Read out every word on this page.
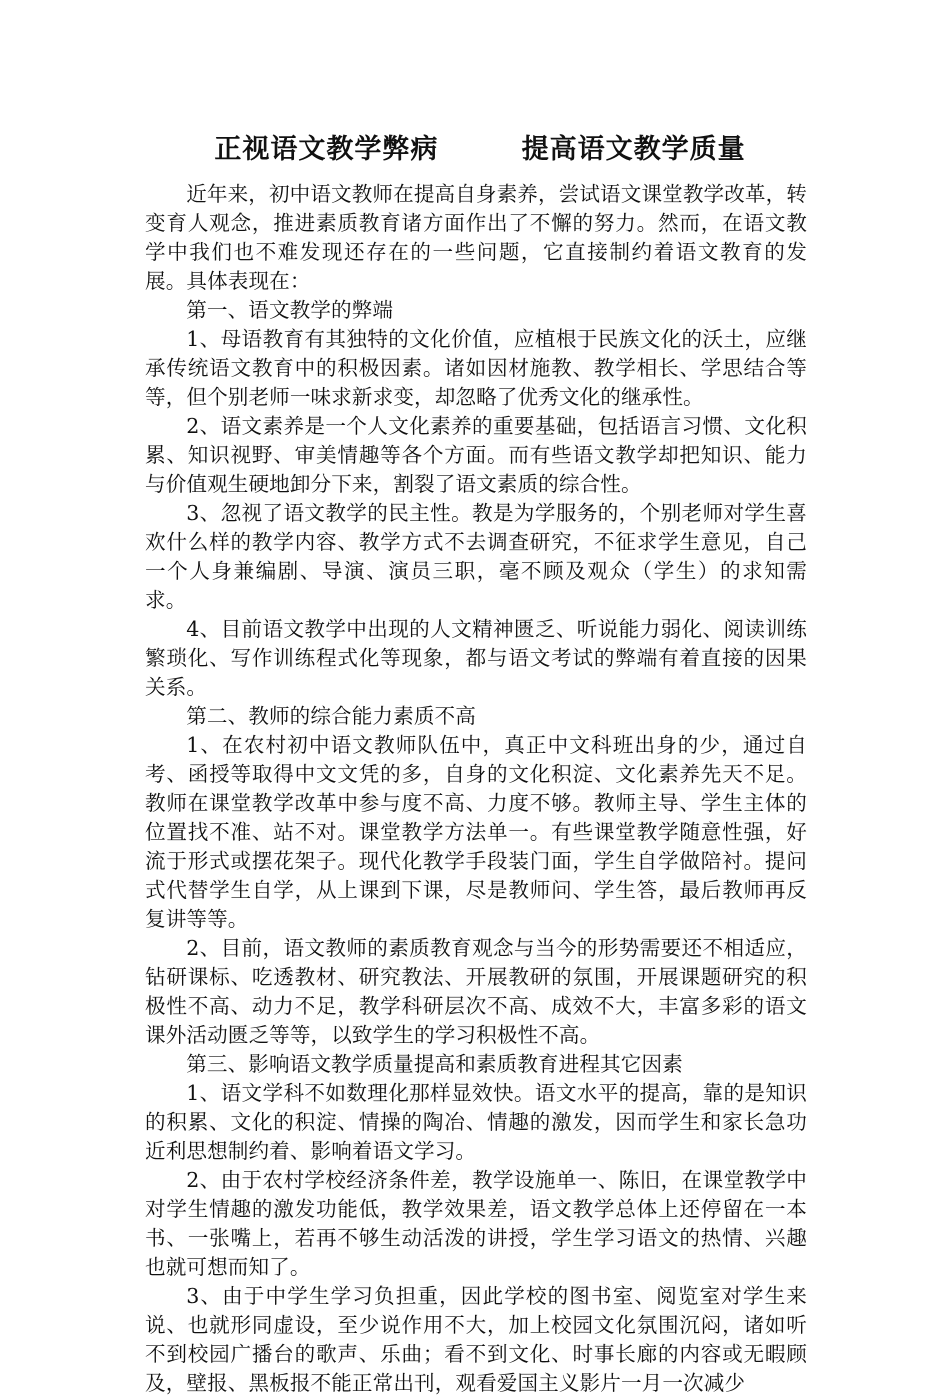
正视语文教学弊病        提高语文教学质量

近年来，初中语文教师在提高自身素养，尝试语文课堂教学改革，转变育人观念，推进素质教育诸方面作出了不懈的努力。然而，在语文教学中我们也不难发现还存在的一些问题，它直接制约着语文教育的发展。具体表现在：

第一、语文教学的弊端

1、母语教育有其独特的文化价值，应植根于民族文化的沃土，应继承传统语文教育中的积极因素。诸如因材施教、教学相长、学思结合等等，但个别老师一味求新求变，却忽略了优秀文化的继承性。

2、语文素养是一个人文化素养的重要基础，包括语言习惯、文化积累、知识视野、审美情趣等各个方面。而有些语文教学却把知识、能力与价值观生硬地卸分下来，割裂了语文素质的综合性。

3、忽视了语文教学的民主性。教是为学服务的，个别老师对学生喜欢什么样的教学内容、教学方式不去调查研究，不征求学生意见，自己一个人身兼编剧、导演、演员三职，毫不顾及观众（学生）的求知需求。

4、目前语文教学中出现的人文精神匮乏、听说能力弱化、阅读训练繁琐化、写作训练程式化等现象，都与语文考试的弊端有着直接的因果关系。

第二、教师的综合能力素质不高

1、在农村初中语文教师队伍中，真正中文科班出身的少，通过自考、函授等取得中文文凭的多，自身的文化积淀、文化素养先天不足。教师在课堂教学改革中参与度不高、力度不够。教师主导、学生主体的位置找不准、站不对。课堂教学方法单一。有些课堂教学随意性强，好流于形式或摆花架子。现代化教学手段装门面，学生自学做陪衬。提问式代替学生自学，从上课到下课，尽是教师问、学生答，最后教师再反复讲等等。

2、目前，语文教师的素质教育观念与当今的形势需要还不相适应，钻研课标、吃透教材、研究教法、开展教研的氛围，开展课题研究的积极性不高、动力不足，教学科研层次不高、成效不大，丰富多彩的语文课外活动匮乏等等，以致学生的学习积极性不高。

第三、影响语文教学质量提高和素质教育进程其它因素

1、语文学科不如数理化那样显效快。语文水平的提高，靠的是知识的积累、文化的积淀、情操的陶冶、情趣的激发，因而学生和家长急功近利思想制约着、影响着语文学习。

2、由于农村学校经济条件差，教学设施单一、陈旧，在课堂教学中对学生情趣的激发功能低，教学效果差，语文教学总体上还停留在一本书、一张嘴上，若再不够生动活泼的讲授，学生学习语文的热情、兴趣也就可想而知了。

3、由于中学生学习负担重，因此学校的图书室、阅览室对学生来说、也就形同虚设，至少说作用不大，加上校园文化氛围沉闷，诸如听不到校园广播台的歌声、乐曲；看不到文化、时事长廊的内容或无暇顾及，壁报、黑板报不能正常出刊，观看爱国主义影片一月一次减少
